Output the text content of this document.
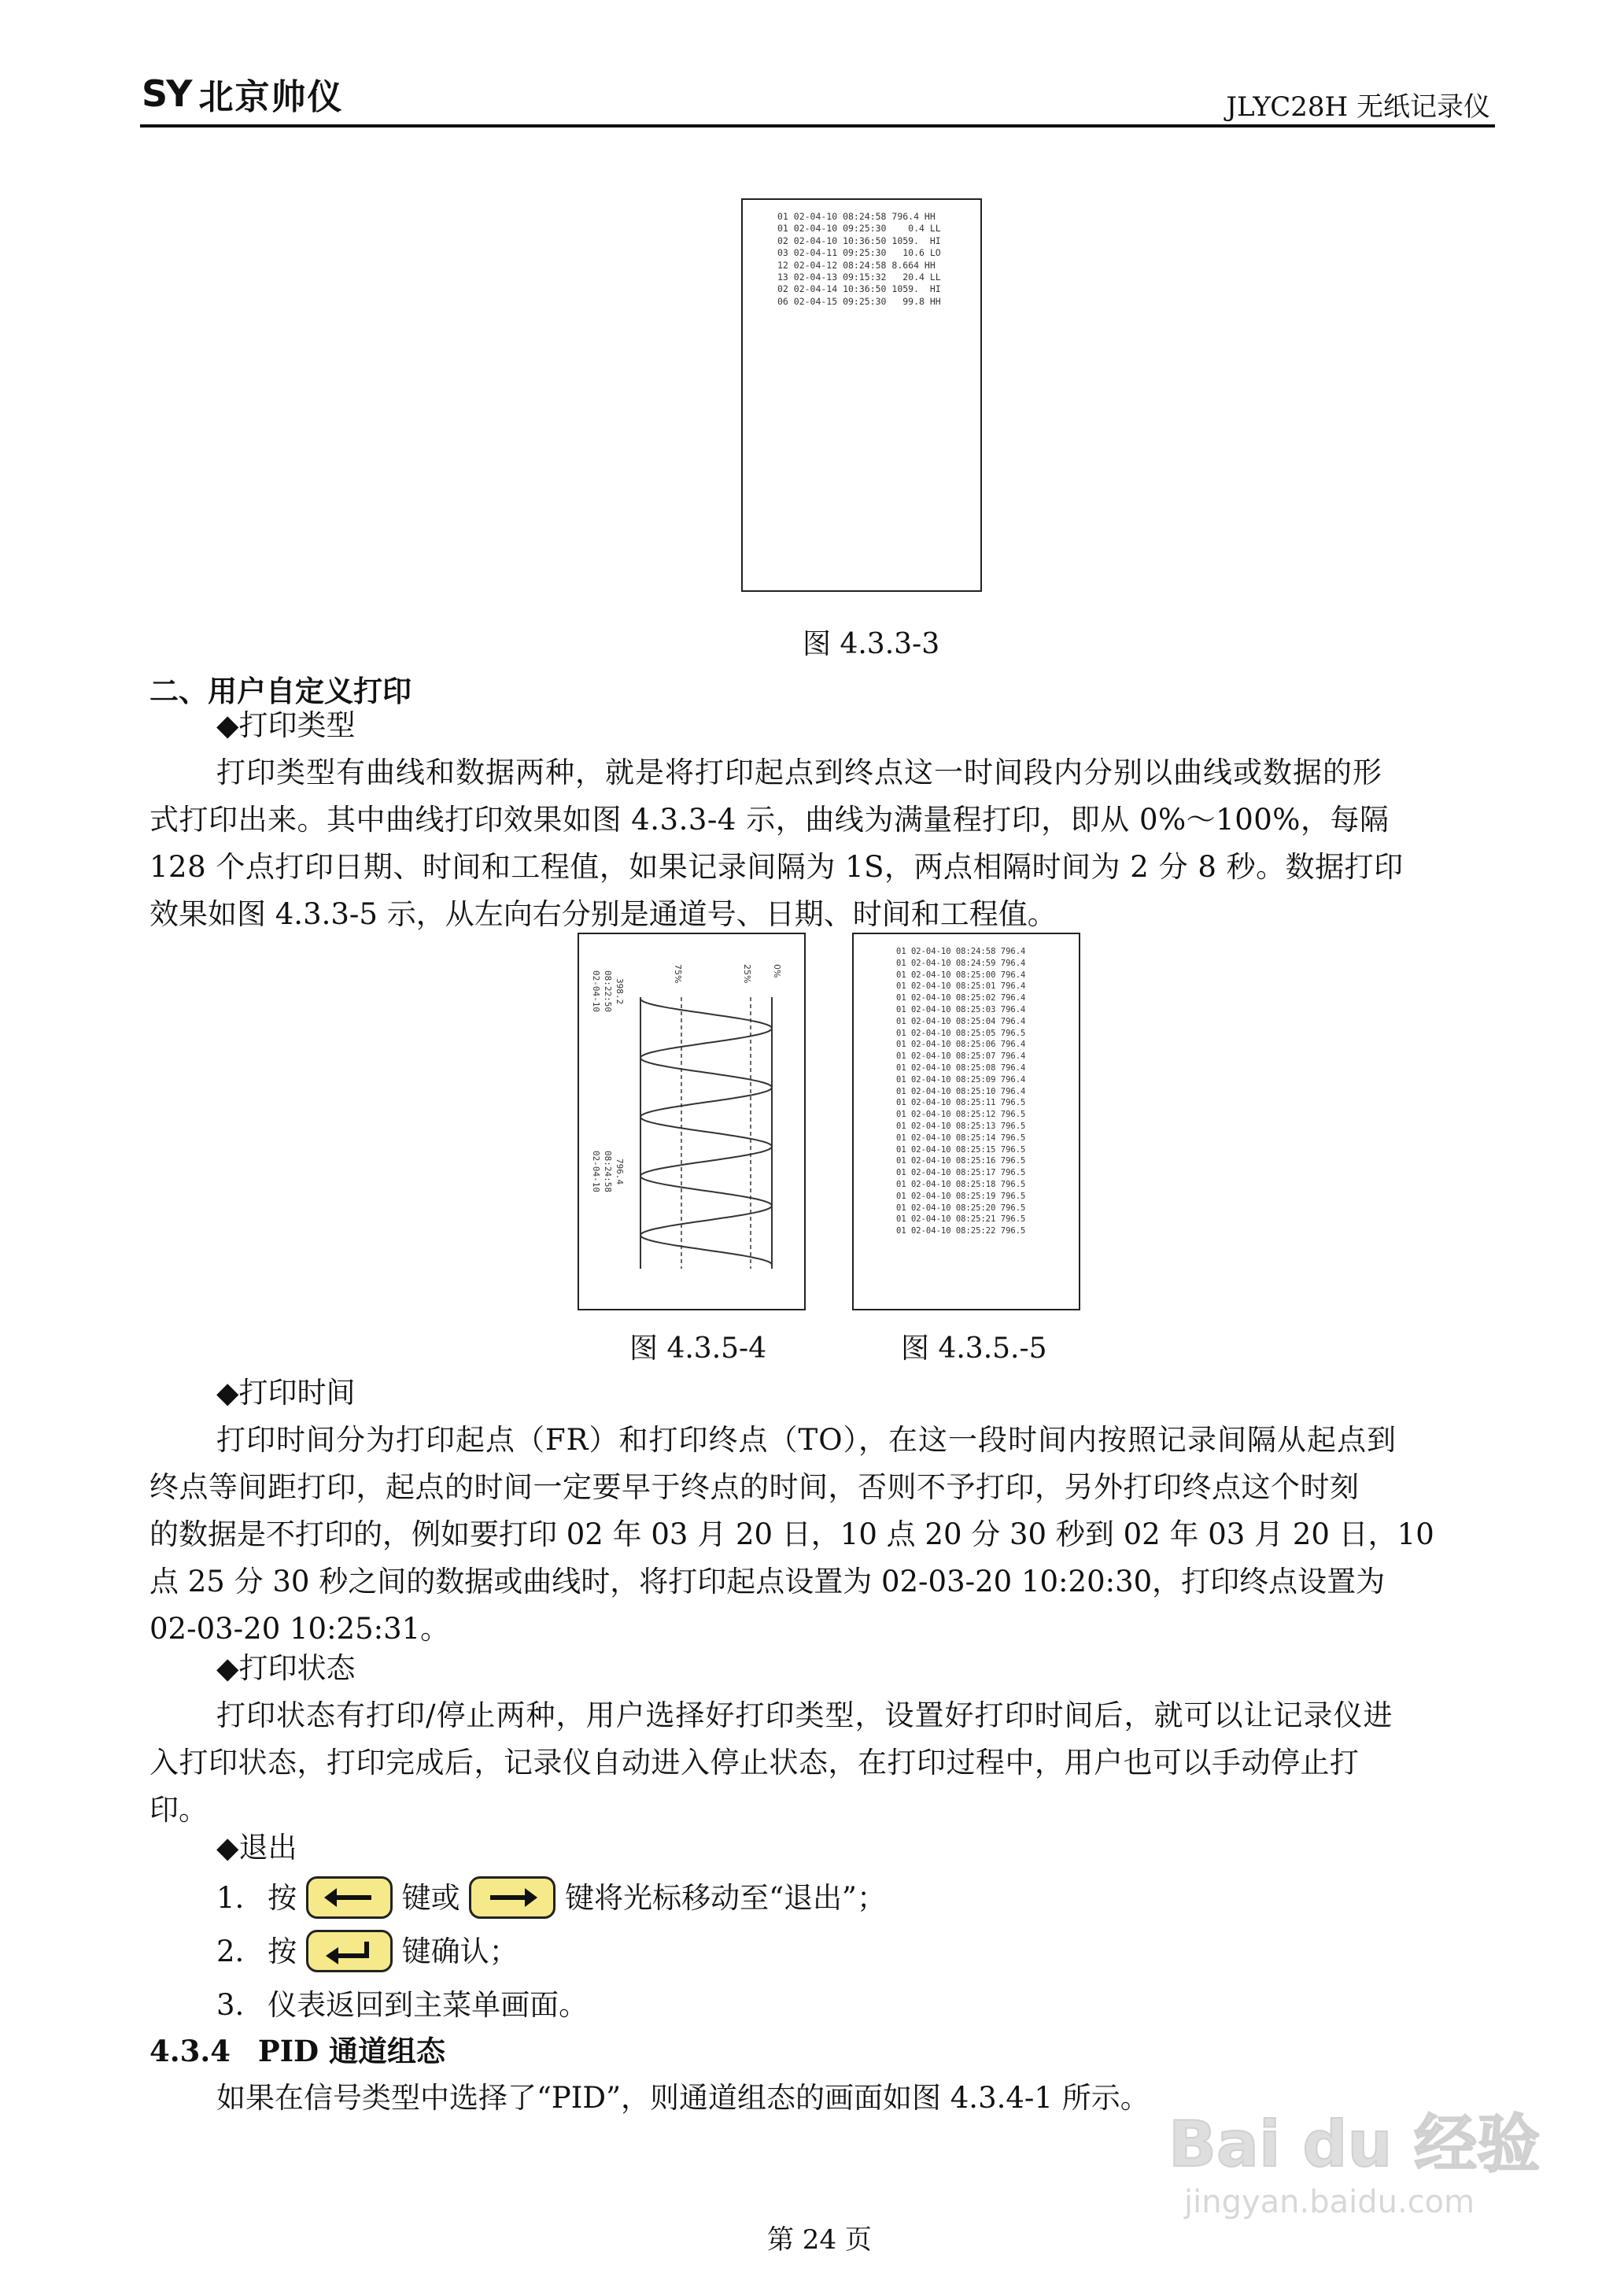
SY 北京帅仪	JLYC28H 无纸记录仪
01 02-04-10 08:24:58 796.4 HH
01 02-04-10 09:25:30    0.4 LL
02 02-04-10 10:36:50 1059.  HI
03 02-04-11 09:25:30   10.6 LO
12 02-04-12 08:24:58 8.664 HH
13 02-04-13 09:15:32   20.4 LL
02 02-04-14 10:36:50 1059.  HI
06 02-04-15 09:25:30   99.8 HH
图 4.3.3-3
二、用户自定义打印
◆打印类型
打印类型有曲线和数据两种，就是将打印起点到终点这一时间段内分别以曲线或数据的形
式打印出来。其中曲线打印效果如图 4.3.3-4 示，曲线为满量程打印，即从 0%～100%，每隔
128 个点打印日期、时间和工程值，如果记录间隔为 1S，两点相隔时间为 2 分 8 秒。数据打印
效果如图 4.3.3-5 示，从左向右分别是通道号、日期、时间和工程值。
75%	25% 0%
02-04-10 08:22:50 398.2
02-04-10 08:24:58 796.4
图 4.3.5-4
01 02-04-10 08:24:58 796.4
01 02-04-10 08:24:59 796.4
01 02-04-10 08:25:00 796.4
01 02-04-10 08:25:01 796.4
01 02-04-10 08:25:02 796.4
01 02-04-10 08:25:03 796.4
01 02-04-10 08:25:04 796.4
01 02-04-10 08:25:05 796.5
01 02-04-10 08:25:06 796.4
01 02-04-10 08:25:07 796.4
01 02-04-10 08:25:08 796.4
01 02-04-10 08:25:09 796.4
01 02-04-10 08:25:10 796.4
01 02-04-10 08:25:11 796.5
01 02-04-10 08:25:12 796.5
01 02-04-10 08:25:13 796.5
01 02-04-10 08:25:14 796.5
01 02-04-10 08:25:15 796.5
01 02-04-10 08:25:16 796.5
01 02-04-10 08:25:17 796.5
01 02-04-10 08:25:18 796.5
01 02-04-10 08:25:19 796.5
01 02-04-10 08:25:20 796.5
01 02-04-10 08:25:21 796.5
01 02-04-10 08:25:22 796.5
图 4.3.5.-5
◆打印时间
打印时间分为打印起点（FR）和打印终点（TO），在这一段时间内按照记录间隔从起点到
终点等间距打印，起点的时间一定要早于终点的时间，否则不予打印，另外打印终点这个时刻
的数据是不打印的，例如要打印 02 年 03 月 20 日，10 点 20 分 30 秒到 02 年 03 月 20 日，10
点 25 分 30 秒之间的数据或曲线时，将打印起点设置为 02-03-20 10:20:30，打印终点设置为
02-03-20 10:25:31。
◆打印状态
打印状态有打印/停止两种，用户选择好打印类型，设置好打印时间后，就可以让记录仪进
入打印状态，打印完成后，记录仪自动进入停止状态，在打印过程中，用户也可以手动停止打
印。
◆退出
1. 按	键或	键将光标移动至“退出”；
2. 按	键确认；
3. 仪表返回到主菜单画面。
4.3.4 PID 通道组态
如果在信号类型中选择了“PID”，则通道组态的画面如图 4.3.4-1 所示。
Bai du 经验
jingyan.baidu.com
第 24 页
